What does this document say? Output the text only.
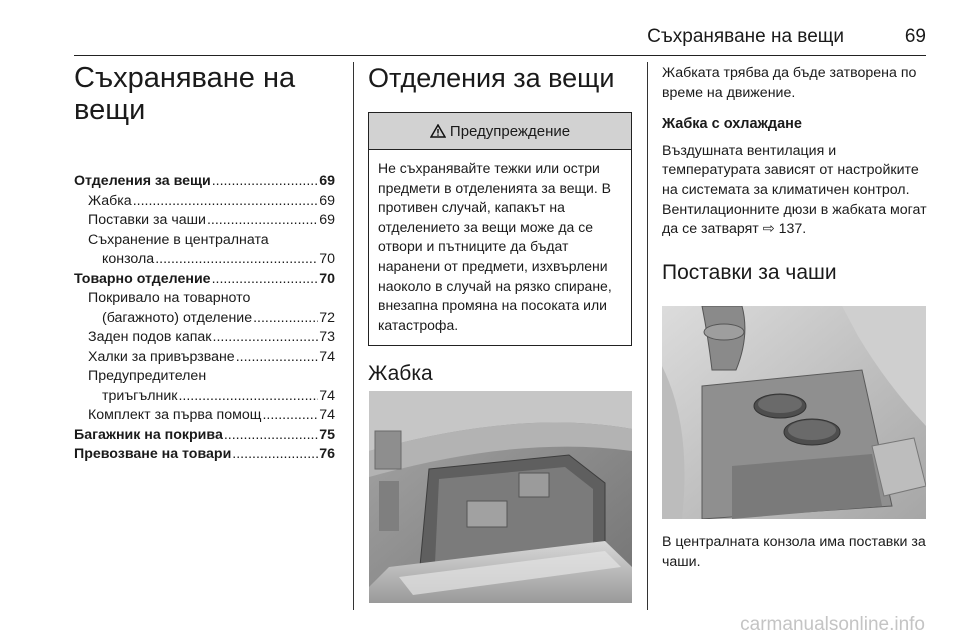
Съхраняване на вещи	69
Съхраняване на
вещи
Отделения за вещи .....	69
Жабка .....	69
Поставки за чаши .....	69
Съхранение в централната
конзола .....	70
Товарно отделение .....	70
Покривало на товарното
(багажното) отделение .....	72
Заден подов капак .....	73
Халки за привързване .....	74
Предупредителен
триъгълник .....	74
Комплект за първа помощ .....	74
Багажник на покрива .....	75
Превозване на товари .....	76
Отделения за вещи
Предупреждение
Не съхранявайте тежки или остри предмети в отделенията за вещи. В противен случай, капакът на отделението за вещи може да се отвори и пътниците да бъдат наранени от предмети, изхвърлени наоколо в случай на рязко спиране, внезапна промяна на посоката или катастрофа.
Жабка

Жабката трябва да бъде затворена по време на движение.

Жабка с охлаждане

Въздушната вентилация и температурата зависят от настройките на системата за климатичен контрол.

Вентилационните дюзи в жабката могат да се затварят ⇨ 137.

Поставки за чаши

В централната конзола има поставки за чаши.
carmanualsonline.info
